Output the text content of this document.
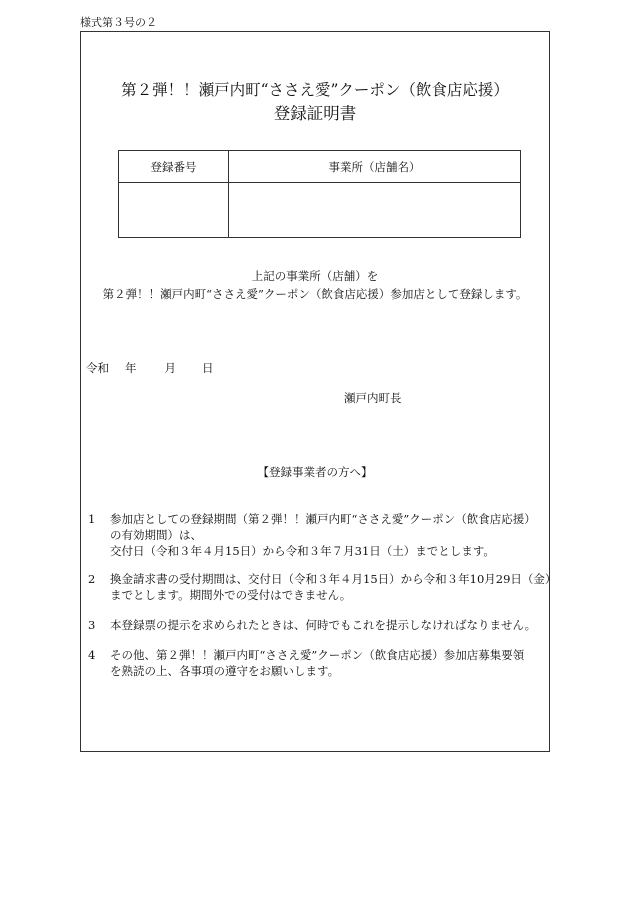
様式第３号の２
第２弾！！瀬戸内町“ささえ愛”クーポン（飲食店応援）
登録証明書
登録番号	事業所（店舗名）

上記の事業所（店舗）を
第２弾！！瀬戸内町“ささえ愛”クーポン（飲食店応援）参加店として登録します。
令和 年 月 日
瀬戸内町長
【登録事業者の方へ】
1	参加店としての登録期間（第２弾！！瀬戸内町“ささえ愛”クーポン（飲食店応援）
の有効期間）は、
交付日（令和３年４月15日）から令和３年７月31日（土）までとします。
2	換金請求書の受付期間は、交付日（令和３年４月15日）から令和３年10月29日（金）
までとします。期間外での受付はできません。
3	本登録票の提示を求められたときは、何時でもこれを提示しなければなりません。
4	その他、第２弾！！瀬戸内町“ささえ愛”クーポン（飲食店応援）参加店募集要領
を熟読の上、各事項の遵守をお願いします。
